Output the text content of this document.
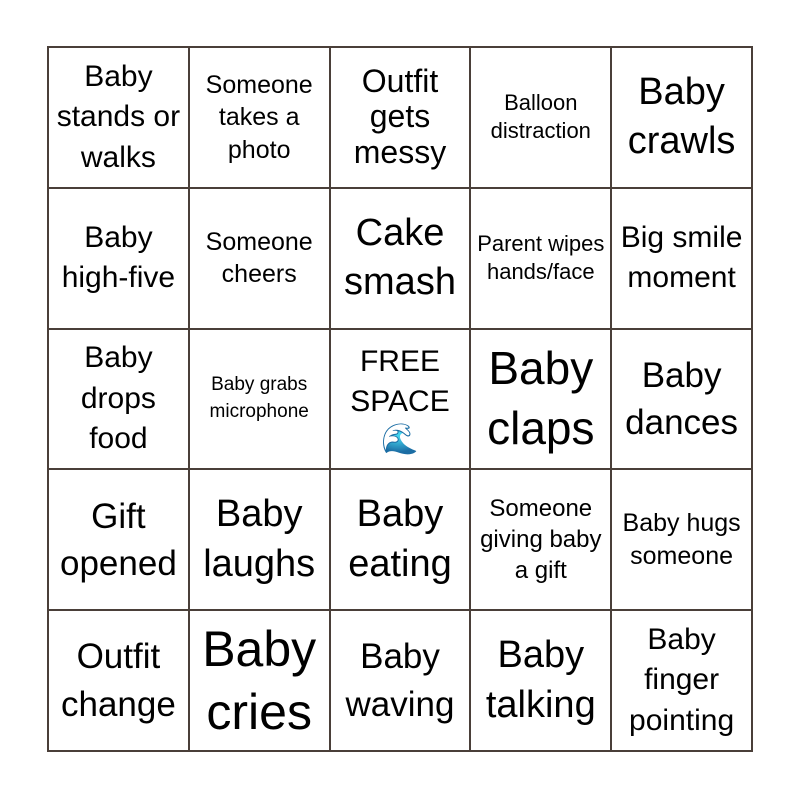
Baby stands or walks
Someone takes a photo
Outfit gets messy
Balloon distraction
Baby crawls
Baby high-five
Someone cheers
Cake smash
Parent wipes hands/face
Big smile moment
Baby drops food
Baby grabs microphone
FREE SPACE
🌊
Baby claps
Baby dances
Gift opened
Baby laughs
Baby eating
Someone giving baby a gift
Baby hugs someone
Outfit change
Baby cries
Baby waving
Baby talking
Baby finger pointing
